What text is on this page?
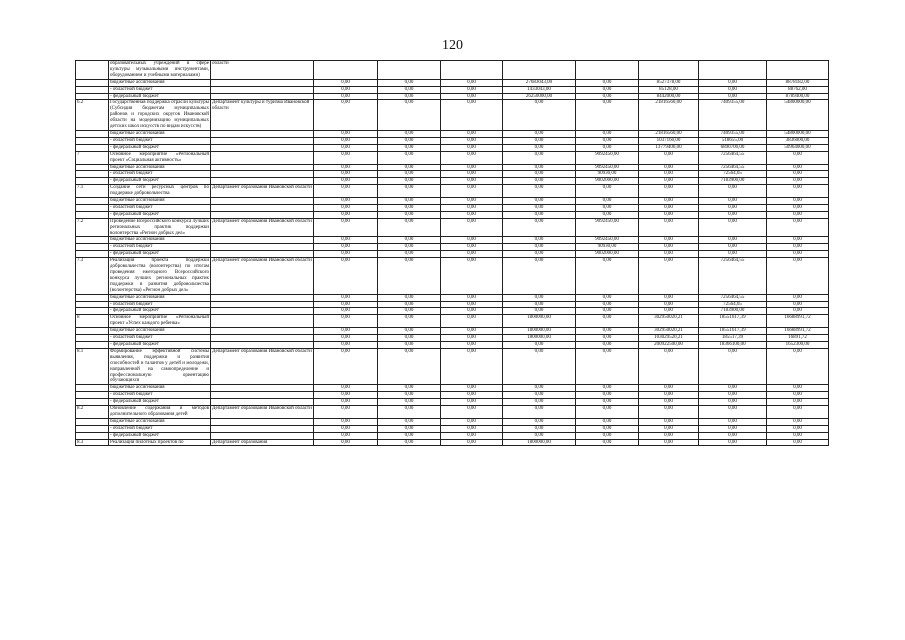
120
	образовательных учреждений в сфере культуры музыкальными инструментами, оборудованием и учебными материалами)	области									
	бюджетные ассигнования		0,00	0,00	0,00	27683043,00	0,00	8527378,00	0,00	8878182,00	
	- областной бюджет		0,00	0,00	0,00	1433043,00	0,00	85128,00	0,00	88762,00	
	- федеральный бюджет		0,00	0,00	0,00	26250000,00	0,00	8442000,00	0,00	8789400,00	
6.2	Государственная поддержка отрасли культуры (Субсидия бюджетам муниципальных районов и городских округов Ивановской области на модернизацию муниципальных детских школ искусств по видам искусств)	Департамент культуры и туризма Ивановской области	0,00	0,00	0,00	0,00	0,00	21816560,00	7409355,00	54800000,00	
	бюджетные ассигнования		0,00	0,00	0,00	0,00	0,00	21816560,00	7409355,00	54800000,00	
	- областной бюджет		0,00	0,00	0,00	0,00	0,00	1037160,00	518655,00	3836000,00	
	- федеральный бюджет		0,00	0,00	0,00	0,00	0,00	13779400,00	6890700,00	50964000,00	
7	Основное мероприятие «Региональный проект «Социальная активность»		0,00	0,00	0,00	0,00	9092450,00	0,00	7256464,55	0,00	
	бюджетные ассигнования		0,00	0,00	0,00	0,00	9092450,00	0,00	7256464,55	0,00	
	- областной бюджет		0,00	0,00	0,00	0,00	90930,00	0,00	72564,65	0,00	
	- федеральный бюджет		0,00	0,00	0,00	0,00	9002000,00	0,00	7183900,00	0,00	
7.1	Создание сети ресурсных центров по поддержке добровольчества	Департамент образования Ивановской области	0,00	0,00	0,00	0,00	0,00	0,00	0,00	0,00	
	бюджетные ассигнования		0,00	0,00	0,00	0,00	0,00	0,00	0,00	0,00	
	- областной бюджет		0,00	0,00	0,00	0,00	0,00	0,00	0,00	0,00	
	- федеральный бюджет		0,00	0,00	0,00	0,00	0,00	0,00	0,00	0,00	
7.2	Проведение Всероссийского конкурса лучших региональных практик поддержки волонтерства «Регион добрых дел»	Департамент образования Ивановской области	0,00	0,00	0,00	0,00	9092450,00	0,00	0,00	0,00	
	бюджетные ассигнования		0,00	0,00	0,00	0,00	9092450,00	0,00	0,00	0,00	
	- областной бюджет		0,00	0,00	0,00	0,00	90930,00	0,00	0,00	0,00	
	- федеральный бюджет		0,00	0,00	0,00	0,00	9002000,00	0,00	0,00	0,00	
7.3	Реализация проекта поддержки добровольчества (волонтерства) по итогам проведения ежегодного Всероссийского конкурса лучших региональных практик поддержки и развития добровольчества (волонтерства) «Регион добрых дел»	Департамент образования Ивановской области	0,00	0,00	0,00	0,00	0,00	0,00	7256464,55	0,00	
	бюджетные ассигнования		0,00	0,00	0,00	0,00	0,00	0,00	7256464,55	0,00	
	- областной бюджет		0,00	0,00	0,00	0,00	0,00	0,00	72564,65	0,00	
	- федеральный бюджет		0,00	0,00	0,00	0,00	0,00	0,00	7183900,00	0,00	
8	Основное мероприятие «Региональный проект «Успех каждого ребенка»		0,00	0,00	0,00	1800000,00	0,00	302950020,21	18551617,39	16688991,72	
	бюджетные ассигнования		0,00	0,00	0,00	1800000,00	0,00	302950020,21	18551617,39	16688991,72	
	- областной бюджет		0,00	0,00	0,00	1800000,00	0,00	103029520,21	185517,39	16891,72	
	- федеральный бюджет		0,00	0,00	0,00	0,00	0,00	200922500,00	18366100,00	1652300,00	
8.1	Формирование эффективной системы выявления, поддержки и развития способностей и талантов у детей и молодежи, направленной на самоопределение и профессиональную ориентацию обучающихся	Департамент образования Ивановской области	0,00	0,00	0,00	0,00	0,00	0,00	0,00	0,00	
	бюджетные ассигнования		0,00	0,00	0,00	0,00	0,00	0,00	0,00	0,00	
	- областной бюджет		0,00	0,00	0,00	0,00	0,00	0,00	0,00	0,00	
	- федеральный бюджет		0,00	0,00	0,00	0,00	0,00	0,00	0,00	0,00	
8.2	Обновление содержания и методов дополнительного образования детей	Департамент образования Ивановской области	0,00	0,00	0,00	0,00	0,00	0,00	0,00	0,00	
	бюджетные ассигнования		0,00	0,00	0,00	0,00	0,00	0,00	0,00	0,00	
	- областной бюджет		0,00	0,00	0,00	0,00	0,00	0,00	0,00	0,00	
	- федеральный бюджет		0,00	0,00	0,00	0,00	0,00	0,00	0,00	0,00	
8.3	Реализация пилотных проектов по	Департамент образования	0,00	0,00	0,00	1800000,00	0,00	0,00	0,00	0,00	
